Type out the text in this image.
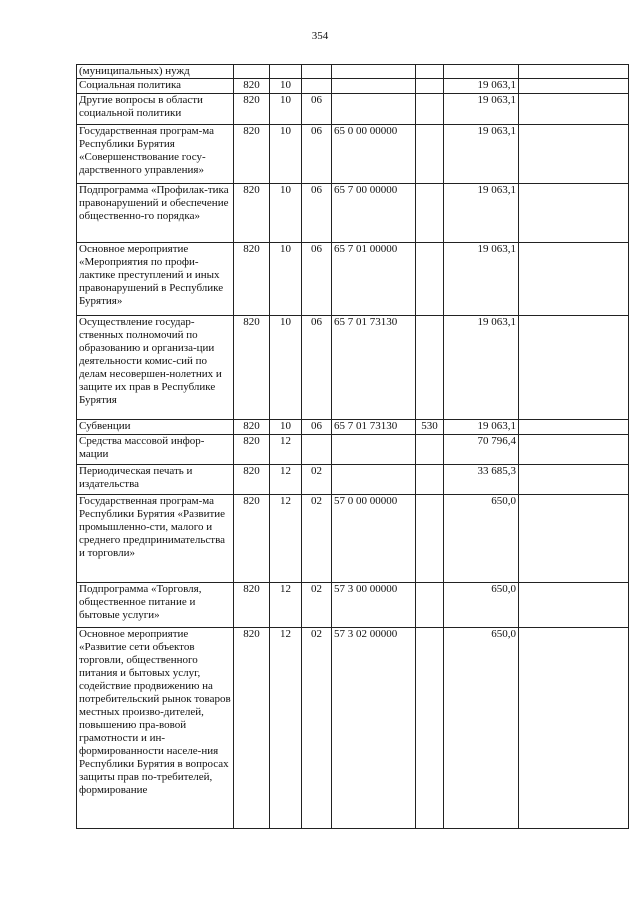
354
(муниципальных) нужд							
Социальная политика	820	10				19 063,1	
Другие вопросы в области социальной политики	820	10	06			19 063,1	
Государственная програм-ма Республики Бурятия «Совершенствование госу-дарственного управления»	820	10	06	65 0 00 00000		19 063,1	
Подпрограмма «Профилак-тика правонарушений и обеспечение общественно-го порядка»	820	10	06	65 7 00 00000		19 063,1	
Основное мероприятие «Мероприятия по профи-лактике преступлений и иных правонарушений в Республике Бурятия»	820	10	06	65 7 01 00000		19 063,1	
Осуществление государ-ственных полномочий по образованию и организа-ции деятельности комис-сий по делам несовершен-нолетних и защите их прав в Республике Бурятия	820	10	06	65 7 01 73130		19 063,1	
Субвенции	820	10	06	65 7 01 73130	530	19 063,1	
Средства массовой инфор-мации	820	12				70 796,4	
Периодическая печать и издательства	820	12	02			33 685,3	
Государственная програм-ма Республики Бурятия «Развитие промышленно-сти, малого и среднего предпринимательства и торговли»	820	12	02	57 0 00 00000		650,0	
Подпрограмма «Торговля, общественное питание и бытовые услуги»	820	12	02	57 3 00 00000		650,0	
Основное мероприятие «Развитие сети объектов торговли, общественного питания и бытовых услуг, содействие продвижению на потребительский рынок товаров местных произво-дителей, повышению пра-вовой грамотности и ин-формированности населе-ния Республики Бурятия в вопросах защиты прав по-требителей, формирование	820	12	02	57 3 02 00000		650,0	
